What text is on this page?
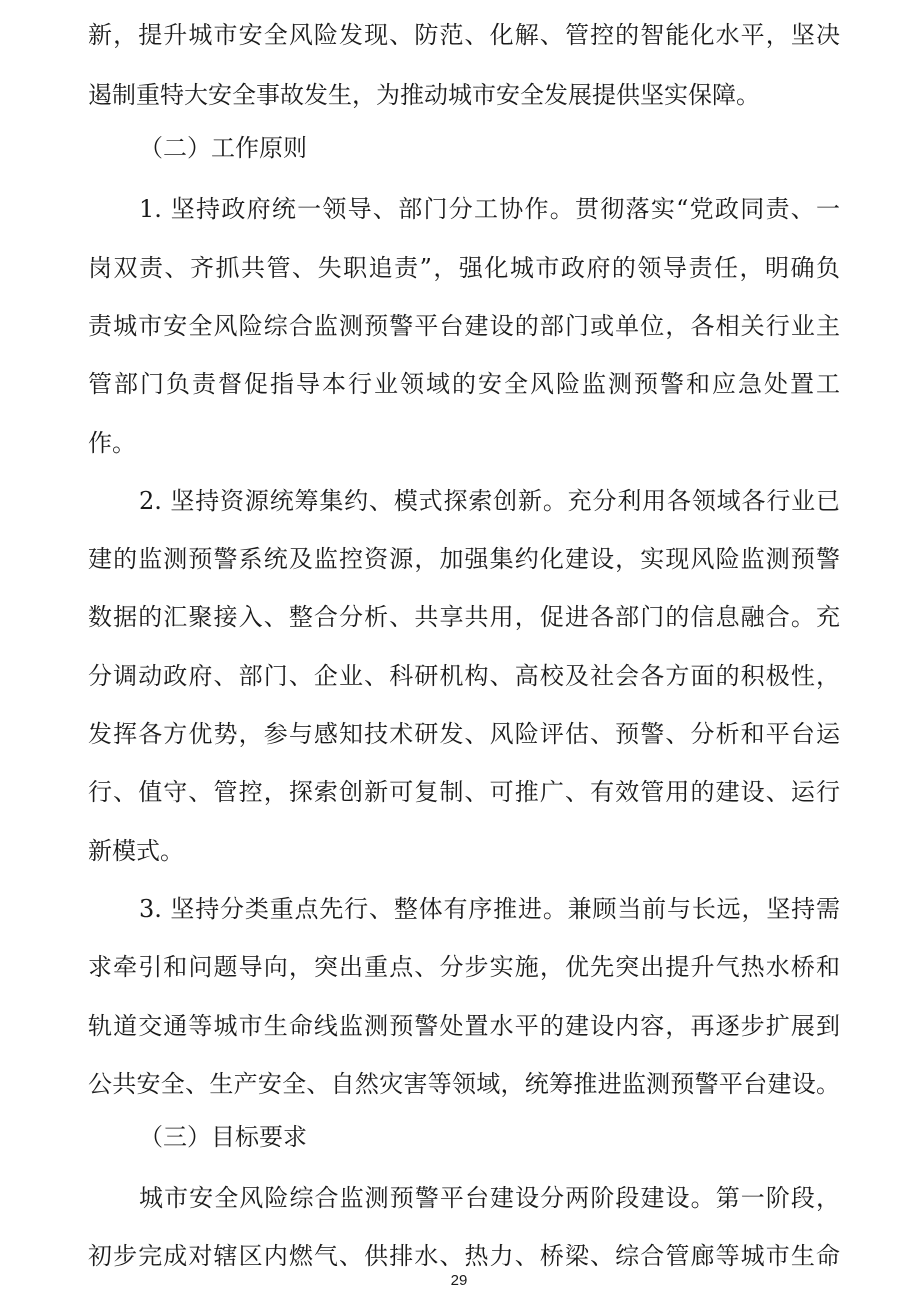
新，提升城市安全风险发现、防范、化解、管控的智能化水平，坚决
遏制重特大安全事故发生，为推动城市安全发展提供坚实保障。
（二）工作原则
1. 坚持政府统一领导、部门分工协作。贯彻落实“党政同责、一
岗双责、齐抓共管、失职追责”，强化城市政府的领导责任，明确负
责城市安全风险综合监测预警平台建设的部门或单位，各相关行业主
管部门负责督促指导本行业领域的安全风险监测预警和应急处置工
作。
2. 坚持资源统筹集约、模式探索创新。充分利用各领域各行业已
建的监测预警系统及监控资源，加强集约化建设，实现风险监测预警
数据的汇聚接入、整合分析、共享共用，促进各部门的信息融合。充
分调动政府、部门、企业、科研机构、高校及社会各方面的积极性，
发挥各方优势，参与感知技术研发、风险评估、预警、分析和平台运
行、值守、管控，探索创新可复制、可推广、有效管用的建设、运行
新模式。
3. 坚持分类重点先行、整体有序推进。兼顾当前与长远，坚持需
求牵引和问题导向，突出重点、分步实施，优先突出提升气热水桥和
轨道交通等城市生命线监测预警处置水平的建设内容，再逐步扩展到
公共安全、生产安全、自然灾害等领域，统筹推进监测预警平台建设。
（三）目标要求
城市安全风险综合监测预警平台建设分两阶段建设。第一阶段，
初步完成对辖区内燃气、供排水、热力、桥梁、综合管廊等城市生命
29
